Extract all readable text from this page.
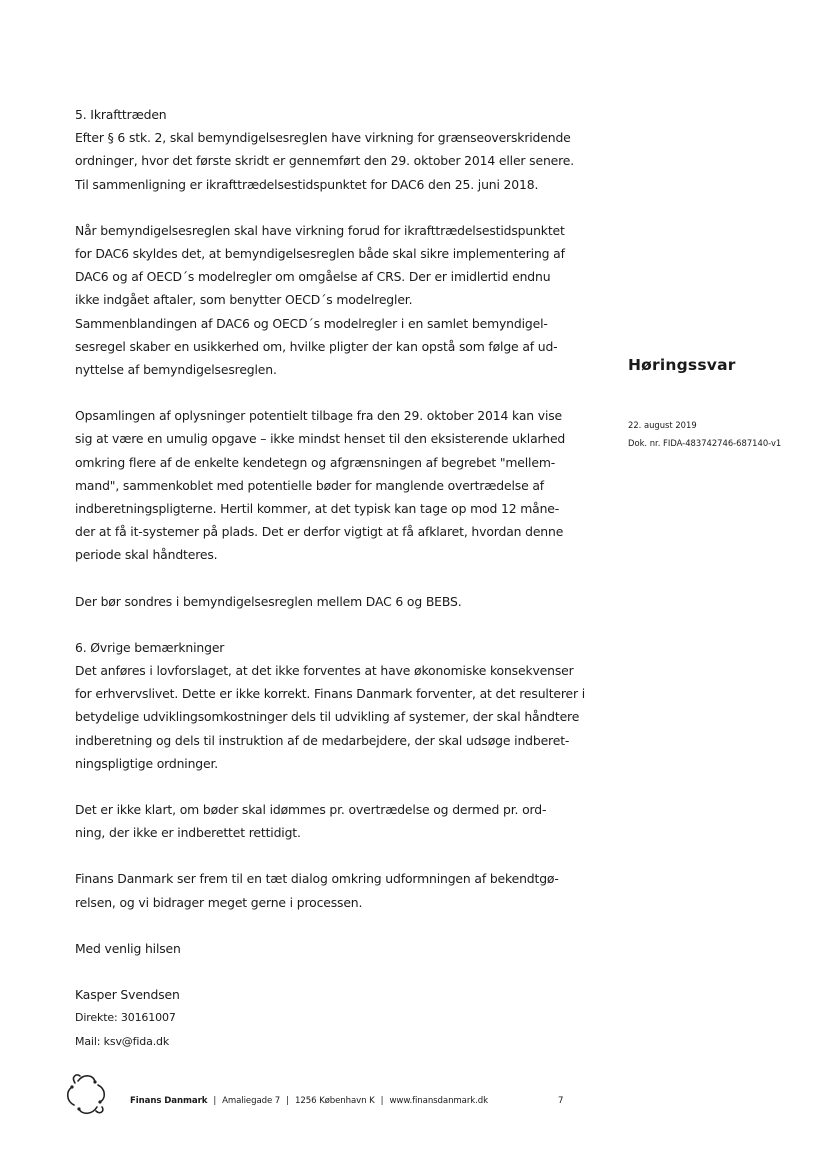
5. Ikrafttræden
Efter § 6 stk. 2, skal bemyndigelsesreglen have virkning for grænseoverskridende
ordninger, hvor det første skridt er gennemført den 29. oktober 2014 eller senere.
Til sammenligning er ikrafttrædelsestidspunktet for DAC6 den 25. juni 2018.
Når bemyndigelsesreglen skal have virkning forud for ikrafttrædelsestidspunktet
for DAC6 skyldes det, at bemyndigelsesreglen både skal sikre implementering af
DAC6 og af OECD´s modelregler om omgåelse af CRS. Der er imidlertid endnu
ikke indgået aftaler, som benytter OECD´s modelregler.
Sammenblandingen af DAC6 og OECD´s modelregler i en samlet bemyndigel-
sesregel skaber en usikkerhed om, hvilke pligter der kan opstå som følge af ud-
nyttelse af bemyndigelsesreglen.
Opsamlingen af oplysninger potentielt tilbage fra den 29. oktober 2014 kan vise
sig at være en umulig opgave – ikke mindst henset til den eksisterende uklarhed
omkring flere af de enkelte kendetegn og afgrænsningen af begrebet "mellem-
mand", sammenkoblet med potentielle bøder for manglende overtrædelse af
indberetningspligterne. Hertil kommer, at det typisk kan tage op mod 12 måne-
der at få it-systemer på plads. Det er derfor vigtigt at få afklaret, hvordan denne
periode skal håndteres.
Der bør sondres i bemyndigelsesreglen mellem DAC 6 og BEBS.
6. Øvrige bemærkninger
Det anføres i lovforslaget, at det ikke forventes at have økonomiske konsekvenser
for erhvervslivet. Dette er ikke korrekt. Finans Danmark forventer, at det resulterer i
betydelige udviklingsomkostninger dels til udvikling af systemer, der skal håndtere
indberetning og dels til instruktion af de medarbejdere, der skal udsøge indberet-
ningspligtige ordninger.
Det er ikke klart, om bøder skal idømmes pr. overtrædelse og dermed pr. ord-
ning, der ikke er indberettet rettidigt.
Finans Danmark ser frem til en tæt dialog omkring udformningen af bekendtgø-
relsen, og vi bidrager meget gerne i processen.
Med venlig hilsen
Kasper Svendsen
Direkte: 30161007
Mail: ksv@fida.dk
Høringssvar
22. august 2019
Dok. nr. FIDA-483742746-687140-v1
Finans Danmark | Amaliegade 7 | 1256 København K | www.finansdanmark.dk	7
